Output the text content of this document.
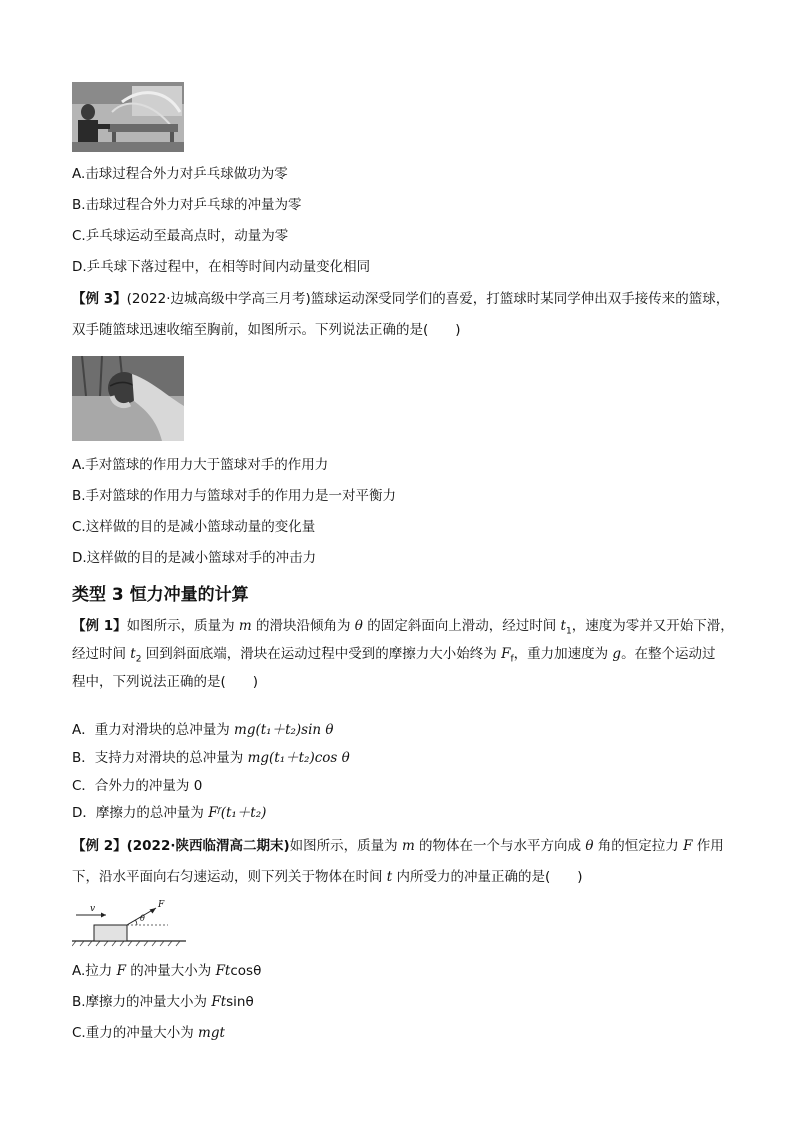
A.击球过程合外力对乒乓球做功为零
B.击球过程合外力对乒乓球的冲量为零
C.乒乓球运动至最高点时，动量为零
D.乒乓球下落过程中，在相等时间内动量变化相同
【例 3】(2022·边城高级中学高三月考)篮球运动深受同学们的喜爱，打篮球时某同学伸出双手接传来的篮球，
双手随篮球迅速收缩至胸前，如图所示。下列说法正确的是(　　)
A.手对篮球的作用力大于篮球对手的作用力
B.手对篮球的作用力与篮球对手的作用力是一对平衡力
C.这样做的目的是减小篮球动量的变化量
D.这样做的目的是减小篮球对手的冲击力
类型 3 恒力冲量的计算
【例 1】如图所示，质量为 m 的滑块沿倾角为 θ 的固定斜面向上滑动，经过时间 $t_1$，速度为零并又开始下滑，
经过时间 $t_2$ 回到斜面底端，滑块在运动过程中受到的摩擦力大小始终为 $F_f$，重力加速度为 g。在整个运动过
程中，下列说法正确的是(　　)
A．重力对滑块的总冲量为 mg(t₁＋t₂)sin θ
B．支持力对滑块的总冲量为 mg(t₁＋t₂)cos θ
C．合外力的冲量为 0
D．摩擦力的总冲量为 Fᶠ(t₁＋t₂)
【例 2】(2022·陕西临渭高二期末)如图所示，质量为 m 的物体在一个与水平方向成 θ 角的恒定拉力 F 作用
下，沿水平面向右匀速运动，则下列关于物体在时间 t 内所受力的冲量正确的是(　　)
v	F
θ
A.拉力 F 的冲量大小为 Ftcosθ
B.摩擦力的冲量大小为 Ftsinθ
C.重力的冲量大小为 mgt
